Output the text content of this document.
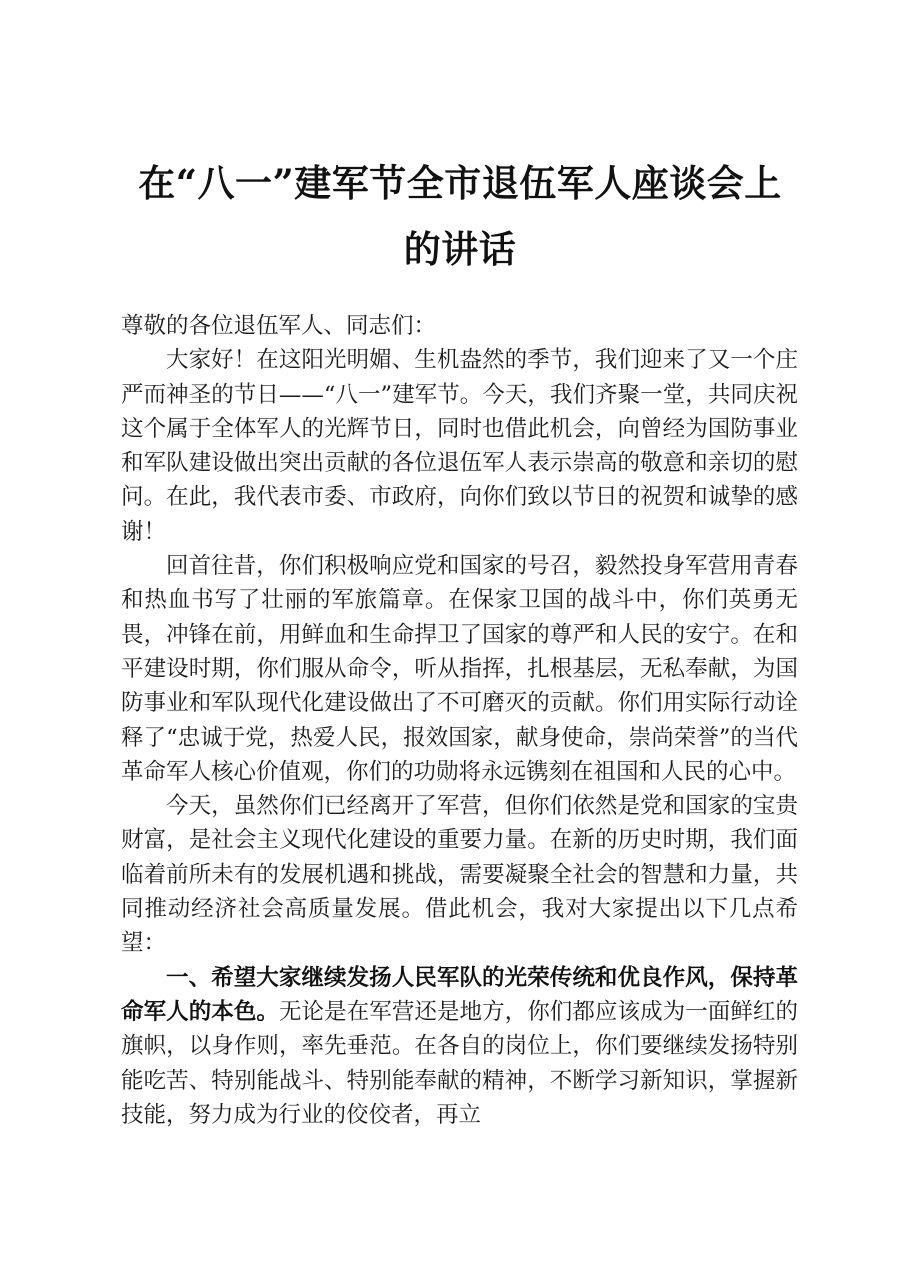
在“八一”建军节全市退伍军人座谈会上的讲话

尊敬的各位退伍军人、同志们：

大家好！在这阳光明媚、生机盎然的季节，我们迎来了又一个庄严而神圣的节日——“八一”建军节。今天，我们齐聚一堂，共同庆祝这个属于全体军人的光辉节日，同时也借此机会，向曾经为国防事业和军队建设做出突出贡献的各位退伍军人表示崇高的敬意和亲切的慰问。在此，我代表市委、市政府，向你们致以节日的祝贺和诚挚的感谢！

回首往昔，你们积极响应党和国家的号召，毅然投身军营用青春和热血书写了壮丽的军旅篇章。在保家卫国的战斗中，你们英勇无畏，冲锋在前，用鲜血和生命捍卫了国家的尊严和人民的安宁。在和平建设时期，你们服从命令，听从指挥，扎根基层，无私奉献，为国防事业和军队现代化建设做出了不可磨灭的贡献。你们用实际行动诠释了“忠诚于党，热爱人民，报效国家，献身使命，崇尚荣誉”的当代革命军人核心价值观，你们的功勋将永远镌刻在祖国和人民的心中。

今天，虽然你们已经离开了军营，但你们依然是党和国家的宝贵财富，是社会主义现代化建设的重要力量。在新的历史时期，我们面临着前所未有的发展机遇和挑战，需要凝聚全社会的智慧和力量，共同推动经济社会高质量发展。借此机会，我对大家提出以下几点希望：

一、希望大家继续发扬人民军队的光荣传统和优良作风，保持革命军人的本色。无论是在军营还是地方，你们都应该成为一面鲜红的旗帜，以身作则，率先垂范。在各自的岗位上，你们要继续发扬特别能吃苦、特别能战斗、特别能奉献的精神，不断学习新知识，掌握新技能，努力成为行业的佼佼者，再立
